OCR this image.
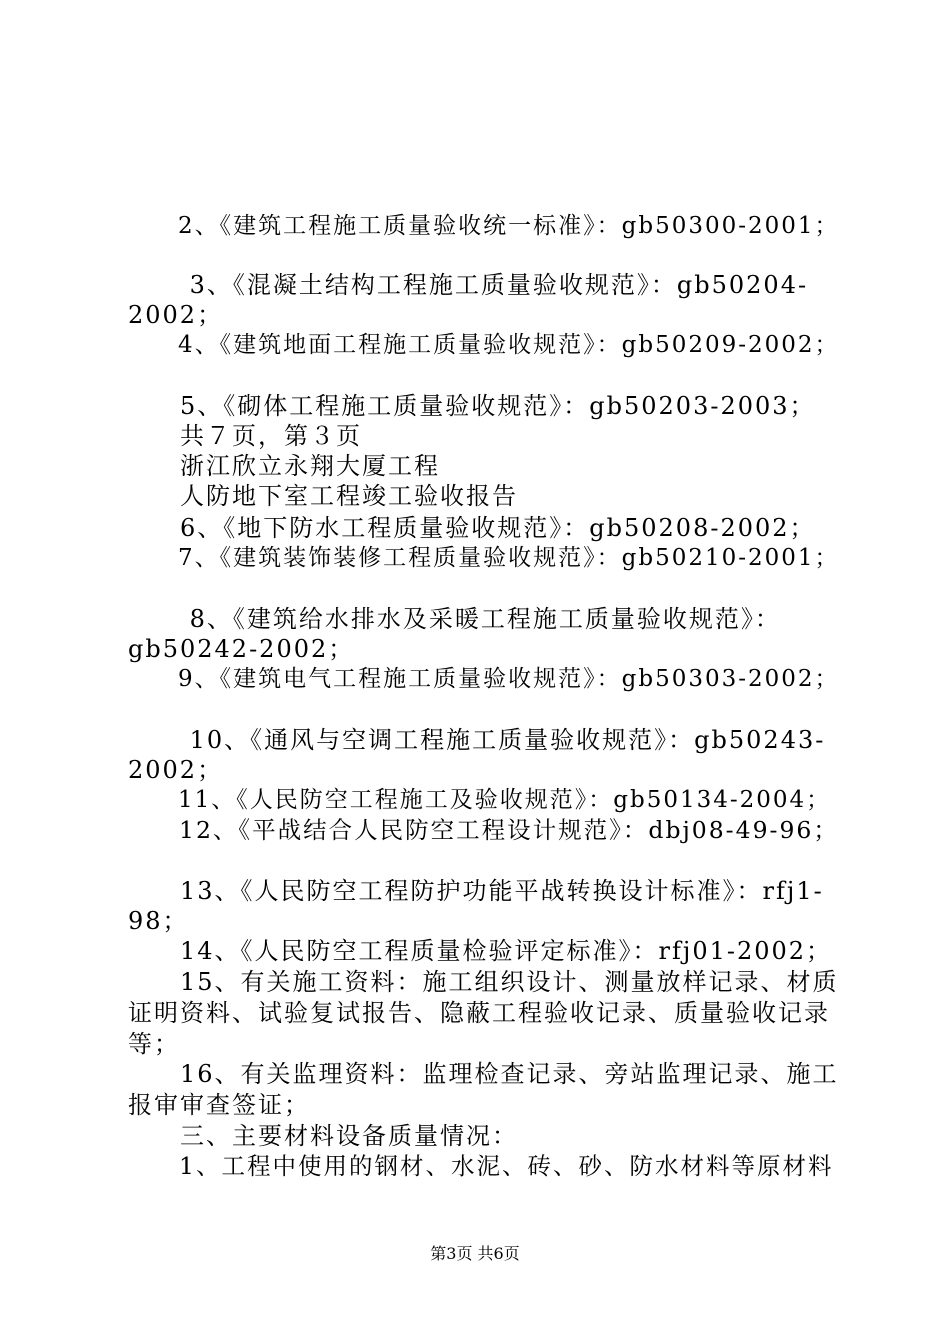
　　2、《建筑工程施工质量验收统一标准》：gb50300-2001；
　　 3、《混凝土结构工程施工质量验收规范》：gb50204-
2002；
　　4、《建筑地面工程施工质量验收规范》：gb50209-2002；
　　5、《砌体工程施工质量验收规范》：gb50203-2003；
　　共７页，第３页
　　浙江欣立永翔大厦工程
　　人防地下室工程竣工验收报告
　　6、《地下防水工程质量验收规范》：gb50208-2002；
　　7、《建筑装饰装修工程质量验收规范》：gb50210-2001；
　　 8、《建筑给水排水及采暖工程施工质量验收规范》：
gb50242-2002；
　　9、《建筑电气工程施工质量验收规范》：gb50303-2002；
　　 10、《通风与空调工程施工质量验收规范》：gb50243-
2002；
　　11、《人民防空工程施工及验收规范》：gb50134-2004；
　　12、《平战结合人民防空工程设计规范》：dbj08-49-96；
　　13、《人民防空工程防护功能平战转换设计标准》：rfj1-
98；
　　14、《人民防空工程质量检验评定标准》：rfj01-2002；
　　15、有关施工资料：施工组织设计、测量放样记录、材质
证明资料、试验复试报告、隐蔽工程验收记录、质量验收记录
等；
　　16、有关监理资料：监理检查记录、旁站监理记录、施工
报审审查签证；
　　三、主要材料设备质量情况：
　　1、工程中使用的钢材、水泥、砖、砂、防水材料等原材料
第3页 共6页
